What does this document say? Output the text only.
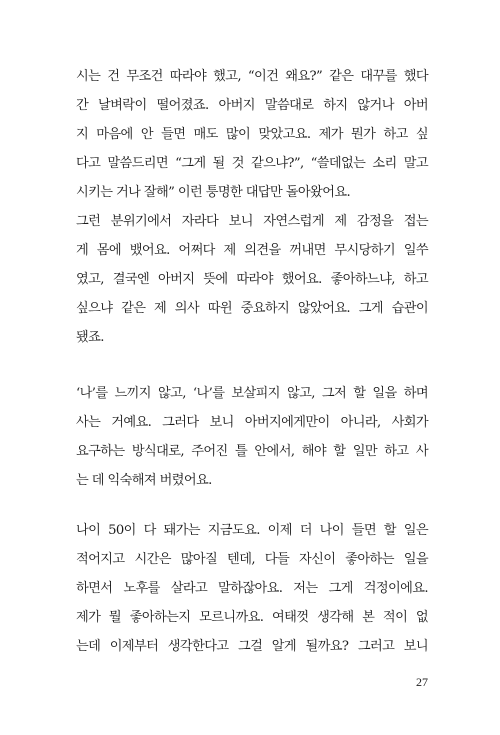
시는 건 무조건 따라야 했고, “이건 왜요?” 같은 대꾸를 했다
간 날벼락이 떨어졌죠. 아버지 말씀대로 하지 않거나 아버
지 마음에 안 들면 매도 많이 맞았고요. 제가 뭔가 하고 싶
다고 말씀드리면 “그게 될 것 같으냐?”, “쓸데없는 소리 말고
시키는 거나 잘해” 이런 퉁명한 대답만 돌아왔어요.
그런 분위기에서 자라다 보니 자연스럽게 제 감정을 접는
게 몸에 뱄어요. 어쩌다 제 의견을 꺼내면 무시당하기 일쑤
였고, 결국엔 아버지 뜻에 따라야 했어요. 좋아하느냐, 하고
싶으냐 같은 제 의사 따윈 중요하지 않았어요. 그게 습관이
됐죠.
‘나’를 느끼지 않고, ‘나’를 보살피지 않고, 그저 할 일을 하며
사는 거예요. 그러다 보니 아버지에게만이 아니라, 사회가
요구하는 방식대로, 주어진 틀 안에서, 해야 할 일만 하고 사
는 데 익숙해져 버렸어요.
나이 50이 다 돼가는 지금도요. 이제 더 나이 들면 할 일은
적어지고 시간은 많아질 텐데, 다들 자신이 좋아하는 일을
하면서 노후를 살라고 말하잖아요. 저는 그게 걱정이에요.
제가 뭘 좋아하는지 모르니까요. 여태껏 생각해 본 적이 없
는데 이제부터 생각한다고 그걸 알게 될까요? 그러고 보니
27
